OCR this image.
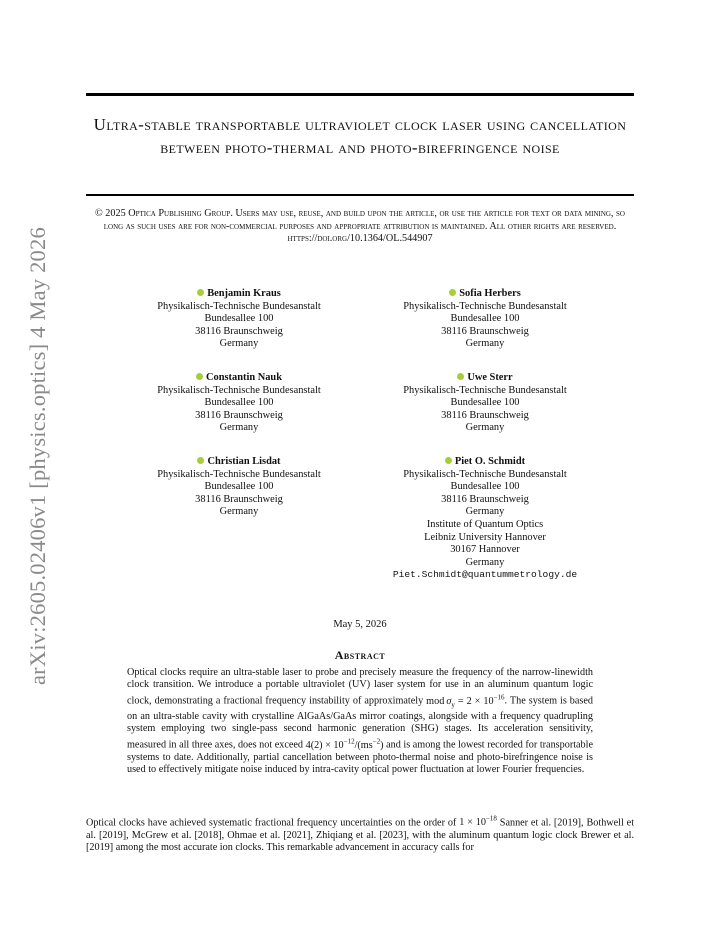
arXiv:2605.02406v1 [physics.optics] 4 May 2026
Ultra-stable transportable ultraviolet clock laser using cancellation between photo-thermal and photo-birefringence noise
© 2025 Optica Publishing Group. Users may use, reuse, and build upon the article, or use the article for text or data mining, so long as such uses are for non-commercial purposes and appropriate attribution is maintained. All other rights are reserved.
https://doi.org/10.1364/OL.544907
Benjamin Kraus
Physikalisch-Technische Bundesanstalt
Bundesallee 100
38116 Braunschweig
Germany
Sofia Herbers
Physikalisch-Technische Bundesanstalt
Bundesallee 100
38116 Braunschweig
Germany
Constantin Nauk
Physikalisch-Technische Bundesanstalt
Bundesallee 100
38116 Braunschweig
Germany
Uwe Sterr
Physikalisch-Technische Bundesanstalt
Bundesallee 100
38116 Braunschweig
Germany
Christian Lisdat
Physikalisch-Technische Bundesanstalt
Bundesallee 100
38116 Braunschweig
Germany
Piet O. Schmidt
Physikalisch-Technische Bundesanstalt
Bundesallee 100
38116 Braunschweig
Germany
Institute of Quantum Optics
Leibniz University Hannover
30167 Hannover
Germany
Piet.Schmidt@quantummetrology.de
May 5, 2026
Abstract
Optical clocks require an ultra-stable laser to probe and precisely measure the frequency of the narrow-linewidth clock transition. We introduce a portable ultraviolet (UV) laser system for use in an aluminum quantum logic clock, demonstrating a fractional frequency instability of approximately mod $\sigma_y = 2 \times 10^{-16}$. The system is based on an ultra-stable cavity with crystalline AlGaAs/GaAs mirror coatings, alongside with a frequency quadrupling system employing two single-pass second harmonic generation (SHG) stages. Its acceleration sensitivity, measured in all three axes, does not exceed $4(2) \times 10^{-12}/(ms^{-2})$ and is among the lowest recorded for transportable systems to date. Additionally, partial cancellation between photo-thermal noise and photo-birefringence noise is used to effectively mitigate noise induced by intra-cavity optical power fluctuation at lower Fourier frequencies.
Optical clocks have achieved systematic fractional frequency uncertainties on the order of $1 \times 10^{-18}$ Sanner et al. [2019], Bothwell et al. [2019], McGrew et al. [2018], Ohmae et al. [2021], Zhiqiang et al. [2023], with the aluminum quantum logic clock Brewer et al. [2019] among the most accurate ion clocks. This remarkable advancement in accuracy calls for
